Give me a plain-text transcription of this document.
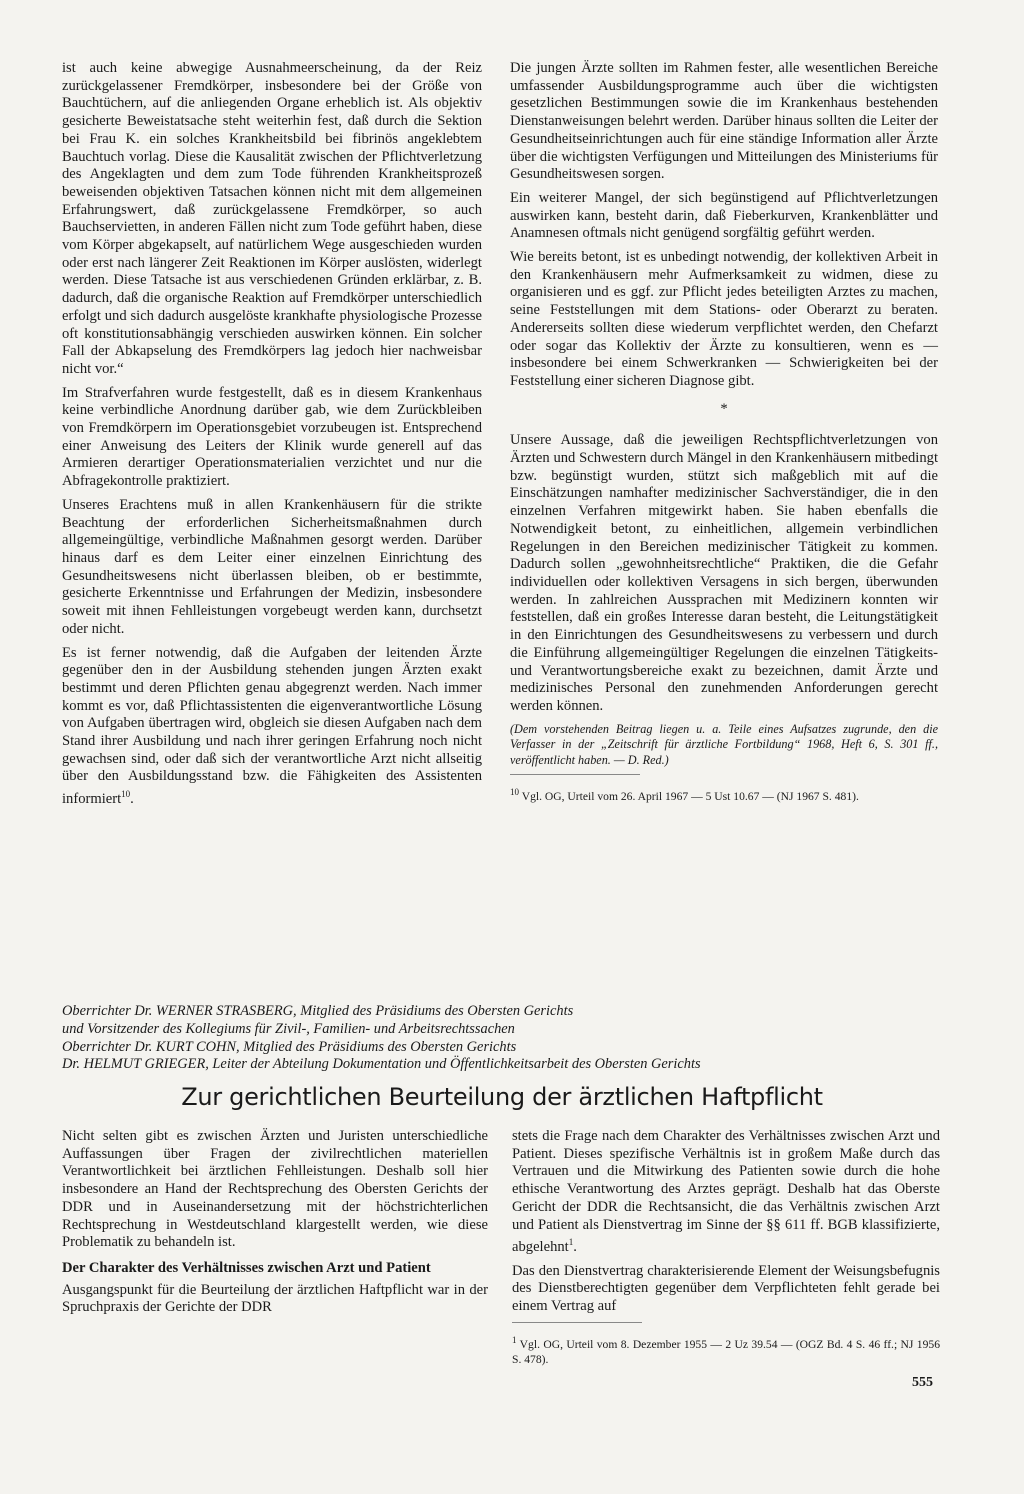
ist auch keine abwegige Ausnahmeerscheinung, da der Reiz zurückgelassener Fremdkörper, insbesondere bei der Größe von Bauchtüchern, auf die anliegenden Organe erheblich ist. Als objektiv gesicherte Beweistatsache steht weiterhin fest, daß durch die Sektion bei Frau K. ein solches Krankheitsbild bei fibrinös angeklebtem Bauchtuch vorlag. Diese die Kausalität zwischen der Pflichtverletzung des Angeklagten und dem zum Tode führenden Krankheitsprozeß beweisenden objektiven Tatsachen können nicht mit dem allgemeinen Erfahrungswert, daß zurückgelassene Fremdkörper, so auch Bauchservietten, in anderen Fällen nicht zum Tode geführt haben, diese vom Körper abgekapselt, auf natürlichem Wege ausgeschieden wurden oder erst nach längerer Zeit Reaktionen im Körper auslösten, widerlegt werden. Diese Tatsache ist aus verschiedenen Gründen erklärbar, z. B. dadurch, daß die organische Reaktion auf Fremdkörper unterschiedlich erfolgt und sich dadurch ausgelöste krankhafte physiologische Prozesse oft konstitutionsabhängig verschieden auswirken können. Ein solcher Fall der Abkapselung des Fremdkörpers lag jedoch hier nachweisbar nicht vor.“

Im Strafverfahren wurde festgestellt, daß es in diesem Krankenhaus keine verbindliche Anordnung darüber gab, wie dem Zurückbleiben von Fremdkörpern im Operationsgebiet vorzubeugen ist. Entsprechend einer Anweisung des Leiters der Klinik wurde generell auf das Armieren derartiger Operationsmaterialien verzichtet und nur die Abfragekontrolle praktiziert.

Unseres Erachtens muß in allen Krankenhäusern für die strikte Beachtung der erforderlichen Sicherheitsmaßnahmen durch allgemeingültige, verbindliche Maßnahmen gesorgt werden. Darüber hinaus darf es dem Leiter einer einzelnen Einrichtung des Gesundheitswesens nicht überlassen bleiben, ob er bestimmte, gesicherte Erkenntnisse und Erfahrungen der Medizin, insbesondere soweit mit ihnen Fehlleistungen vorgebeugt werden kann, durchsetzt oder nicht.

Es ist ferner notwendig, daß die Aufgaben der leitenden Ärzte gegenüber den in der Ausbildung stehenden jungen Ärzten exakt bestimmt und deren Pflichten genau abgegrenzt werden. Nach immer kommt es vor, daß Pflichtassistenten die eigenverantwortliche Lösung von Aufgaben übertragen wird, obgleich sie diesen Aufgaben nach dem Stand ihrer Ausbildung und nach ihrer geringen Erfahrung noch nicht gewachsen sind, oder daß sich der verantwortliche Arzt nicht allseitig über den Ausbildungsstand bzw. die Fähigkeiten des Assistenten informiert$^{10}$.

Die jungen Ärzte sollten im Rahmen fester, alle wesentlichen Bereiche umfassender Ausbildungsprogramme auch über die wichtigsten gesetzlichen Bestimmungen sowie die im Krankenhaus bestehenden Dienstanweisungen belehrt werden. Darüber hinaus sollten die Leiter der Gesundheitseinrichtungen auch für eine ständige Information aller Ärzte über die wichtigsten Verfügungen und Mitteilungen des Ministeriums für Gesundheitswesen sorgen.

Ein weiterer Mangel, der sich begünstigend auf Pflichtverletzungen auswirken kann, besteht darin, daß Fieberkurven, Krankenblätter und Anamnesen oftmals nicht genügend sorgfältig geführt werden.

Wie bereits betont, ist es unbedingt notwendig, der kollektiven Arbeit in den Krankenhäusern mehr Aufmerksamkeit zu widmen, diese zu organisieren und es ggf. zur Pflicht jedes beteiligten Arztes zu machen, seine Feststellungen mit dem Stations- oder Oberarzt zu beraten. Andererseits sollten diese wiederum verpflichtet werden, den Chefarzt oder sogar das Kollektiv der Ärzte zu konsultieren, wenn es — insbesondere bei einem Schwerkranken — Schwierigkeiten bei der Feststellung einer sicheren Diagnose gibt.

*

Unsere Aussage, daß die jeweiligen Rechtspflichtverletzungen von Ärzten und Schwestern durch Mängel in den Krankenhäusern mitbedingt bzw. begünstigt wurden, stützt sich maßgeblich mit auf die Einschätzungen namhafter medizinischer Sachverständiger, die in den einzelnen Verfahren mitgewirkt haben. Sie haben ebenfalls die Notwendigkeit betont, zu einheitlichen, allgemein verbindlichen Regelungen in den Bereichen medizinischer Tätigkeit zu kommen. Dadurch sollen „gewohnheitsrechtliche“ Praktiken, die die Gefahr individuellen oder kollektiven Versagens in sich bergen, überwunden werden. In zahlreichen Aussprachen mit Medizinern konnten wir feststellen, daß ein großes Interesse daran besteht, die Leitungstätigkeit in den Einrichtungen des Gesundheitswesens zu verbessern und durch die Einführung allgemeingültiger Regelungen die einzelnen Tätigkeits- und Verantwortungsbereiche exakt zu bezeichnen, damit Ärzte und medizinisches Personal den zunehmenden Anforderungen gerecht werden können.

(Dem vorstehenden Beitrag liegen u. a. Teile eines Aufsatzes zugrunde, den die Verfasser in der „Zeitschrift für ärztliche Fortbildung“ 1968, Heft 6, S. 301 ff., veröffentlicht haben. — D. Red.)

$^{10}$ Vgl. OG, Urteil vom 26. April 1967 — 5 Ust 10.67 — (NJ 1967 S. 481).

Oberrichter Dr. WERNER STRASBERG, Mitglied des Präsidiums des Obersten Gerichts
und Vorsitzender des Kollegiums für Zivil-, Familien- und Arbeitsrechtssachen
Oberrichter Dr. KURT COHN, Mitglied des Präsidiums des Obersten Gerichts
Dr. HELMUT GRIEGER, Leiter der Abteilung Dokumentation und Öffentlichkeitsarbeit des Obersten Gerichts
Zur gerichtlichen Beurteilung der ärztlichen Haftpflicht

Nicht selten gibt es zwischen Ärzten und Juristen unterschiedliche Auffassungen über Fragen der zivilrechtlichen materiellen Verantwortlichkeit bei ärztlichen Fehlleistungen. Deshalb soll hier insbesondere an Hand der Rechtsprechung des Obersten Gerichts der DDR und in Auseinandersetzung mit der höchstrichterlichen Rechtsprechung in Westdeutschland klargestellt werden, wie diese Problematik zu behandeln ist.

Der Charakter des Verhältnisses zwischen Arzt und Patient

Ausgangspunkt für die Beurteilung der ärztlichen Haftpflicht war in der Spruchpraxis der Gerichte der DDR

stets die Frage nach dem Charakter des Verhältnisses zwischen Arzt und Patient. Dieses spezifische Verhältnis ist in großem Maße durch das Vertrauen und die Mitwirkung des Patienten sowie durch die hohe ethische Verantwortung des Arztes geprägt. Deshalb hat das Oberste Gericht der DDR die Rechtsansicht, die das Verhältnis zwischen Arzt und Patient als Dienstvertrag im Sinne der §§ 611 ff. BGB klassifizierte, abgelehnt$^1$.

Das den Dienstvertrag charakterisierende Element der Weisungsbefugnis des Dienstberechtigten gegenüber dem Verpflichteten fehlt gerade bei einem Vertrag auf

$^1$ Vgl. OG, Urteil vom 8. Dezember 1955 — 2 Uz 39.54 — (OGZ Bd. 4 S. 46 ff.; NJ 1956 S. 478).

555
